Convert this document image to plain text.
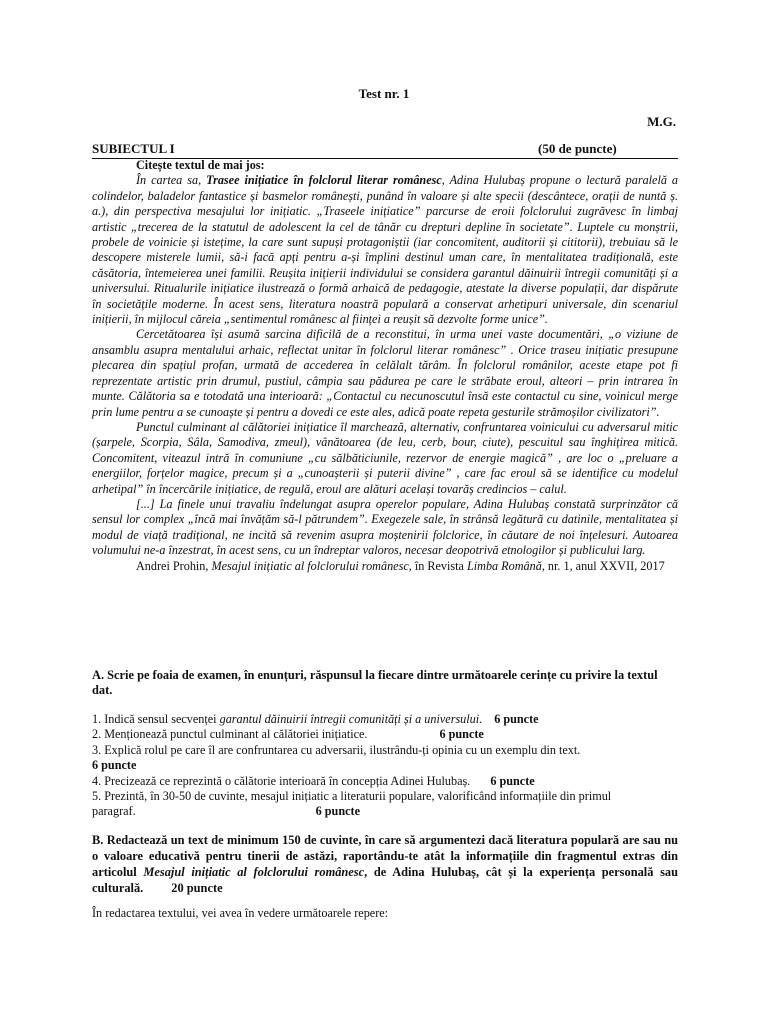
Test nr. 1
M.G.
SUBIECTUL I	(50 de puncte)

Citește textul de mai jos:

În cartea sa, Trasee inițiatice în folclorul literar românesc, Adina Hulubaș propune o lectură paralelă a colindelor, baladelor fantastice și basmelor românești, punând în valoare și alte specii (descântece, orații de nuntă ș. a.), din perspectiva mesajului lor inițiatic. „Traseele inițiatice” parcurse de eroii folclorului zugrăvesc în limbaj artistic „trecerea de la statutul de adolescent la cel de tânăr cu drepturi depline în societate”. Luptele cu monștrii, probele de voinicie și istețime, la care sunt supuși protagoniștii (iar concomitent, auditorii și cititorii), trebuiau să le descopere misterele lumii, să-i facă apți pentru a-și împlini destinul uman care, în mentalitatea tradițională, este căsătoria, întemeierea unei familii. Reușita inițierii individului se considera garantul dăinuirii întregii comunități și a universului. Ritualurile inițiatice ilustrează o formă arhaică de pedagogie, atestate la diverse populații, dar dispărute în societățile moderne. În acest sens, literatura noastră populară a conservat arhetipuri universale, din scenariul inițierii, în mijlocul căreia „sentimentul românesc al ființei a reușit să dezvolte forme unice”.

Cercetătoarea își asumă sarcina dificilă de a reconstitui, în urma unei vaste documentări, „o viziune de ansamblu asupra mentalului arhaic, reflectat unitar în folclorul literar românesc” . Orice traseu inițiatic presupune plecarea din spațiul profan, urmată de accederea în celălalt tărâm. În folclorul românilor, aceste etape pot fi reprezentate artistic prin drumul, pustiul, câmpia sau pădurea pe care le străbate eroul, alteori – prin intrarea în munte. Călătoria sa e totodată una interioară: „Contactul cu necunoscutul însă este contactul cu sine, voinicul merge prin lume pentru a se cunoaște și pentru a dovedi ce este ales, adică poate repeta gesturile strămoșilor civilizatori”.

Punctul culminant al călătoriei inițiatice îl marchează, alternativ, confruntarea voinicului cu adversarul mitic (șarpele, Scorpia, Sâla, Samodiva, zmeul), vânătoarea (de leu, cerb, bour, ciute), pescuitul sau înghițirea mitică. Concomitent, viteazul intră în comuniune „cu sălbăticiunile, rezervor de energie magică” , are loc o „preluare a energiilor, forțelor magice, precum și a „cunoașterii și puterii divine” , care fac eroul să se identifice cu modelul arhetipal” în încercările inițiatice, de regulă, eroul are alături același tovarăș credincios – calul.

[...] La finele unui travaliu îndelungat asupra operelor populare, Adina Hulubaș constată surprinzător că sensul lor complex „încă mai învățăm să-l pătrundem”. Exegezele sale, în strânsă legătură cu datinile, mentalitatea și modul de viață tradițional, ne incită să revenim asupra moștenirii folclorice, în căutare de noi înțelesuri. Autoarea volumului ne-a înzestrat, în acest sens, cu un îndreptar valoros, necesar deopotrivă etnologilor și publicului larg.

Andrei Prohin, Mesajul inițiatic al folclorului românesc, în Revista Limba Română, nr. 1, anul XXVII, 2017

A. Scrie pe foaia de examen, în enunțuri, răspunsul la fiecare dintre următoarele cerințe cu privire la textul dat.

1. Indică sensul secvenței garantul dăinuirii întregii comunități și a universului. 6 puncte

2. Menționează punctul culminant al călătoriei inițiatice.	6 puncte

3. Explică rolul pe care îl are confruntarea cu adversarii, ilustrându-ți opinia cu un exemplu din text.
6 puncte

4. Precizează ce reprezintă o călătorie interioară în concepția Adinei Hulubaș. 6 puncte

5. Prezintă, în 30-50 de cuvinte, mesajul inițiatic a literaturii populare, valorificând informațiile din primul paragraf.	6 puncte

B. Redactează un text de minimum 150 de cuvinte, în care să argumentezi dacă literatura populară are sau nu o valoare educativă pentru tinerii de astăzi, raportându-te atât la informațiile din fragmentul extras din articolul Mesajul inițiatic al folclorului românesc, de Adina Hulubaș, cât și la experiența personală sau culturală. 20 puncte
În redactarea textului, vei avea în vedere următoarele repere:
